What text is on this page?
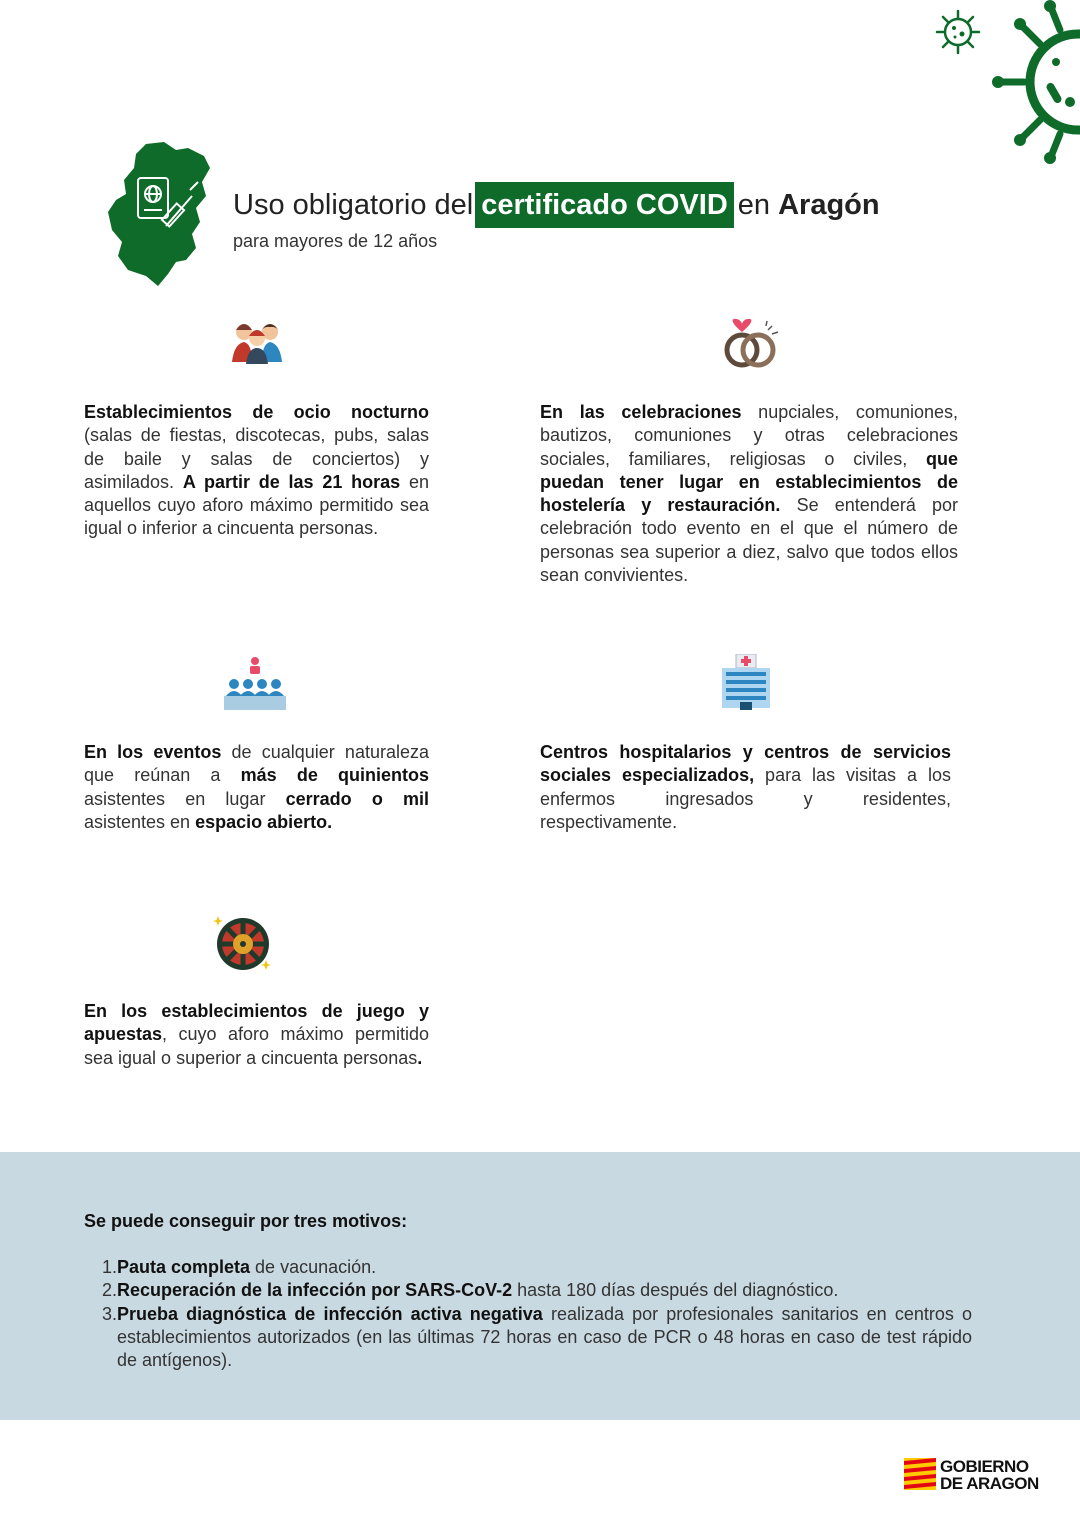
Uso obligatorio del certificado COVID en Aragón
para mayores de 12 años
Establecimientos de ocio nocturno (salas de fiestas, discotecas, pubs, salas de baile y salas de conciertos) y asimilados. A partir de las 21 horas en aquellos cuyo aforo máximo permitido sea igual o inferior a cincuenta personas.
En las celebraciones nupciales, comuniones, bautizos, comuniones y otras celebraciones sociales, familiares, religiosas o civiles, que puedan tener lugar en establecimientos de hostelería y restauración. Se entenderá por celebración todo evento en el que el número de personas sea superior a diez, salvo que todos ellos sean convivientes.
En los eventos de cualquier naturaleza que reúnan a más de quinientos asistentes en lugar cerrado o mil asistentes en espacio abierto.
Centros hospitalarios y centros de servicios sociales especializados, para las visitas a los enfermos ingresados y residentes, respectivamente.
En los establecimientos de juego y apuestas, cuyo aforo máximo permitido sea igual o superior a cincuenta personas.
Se puede conseguir por tres motivos:
1. Pauta completa de vacunación.
2. Recuperación de la infección por SARS-CoV-2 hasta 180 días después del diagnóstico.
3. Prueba diagnóstica de infección activa negativa realizada por profesionales sanitarios en centros o establecimientos autorizados (en las últimas 72 horas en caso de PCR o 48 horas en caso de test rápido de antígenos).
GOBIERNO
DE ARAGON
